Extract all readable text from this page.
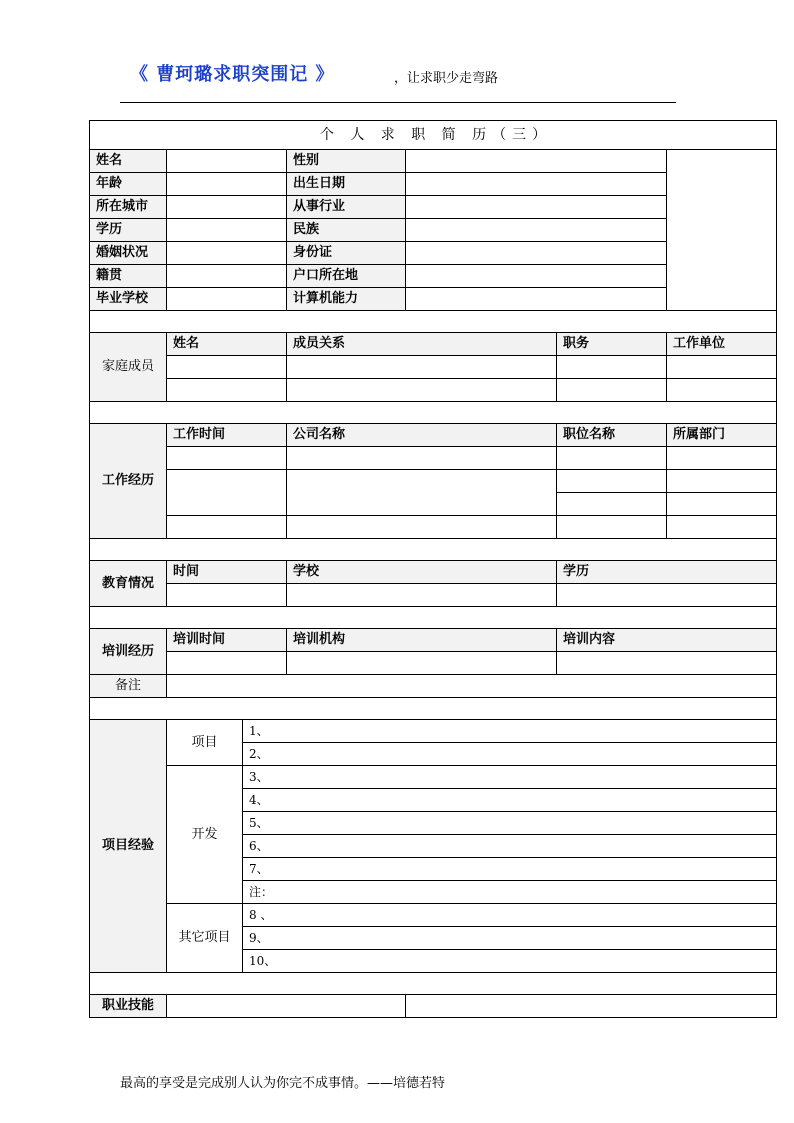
《 曹珂璐求职突围记 》	，让求职少走弯路
个 人 求 职 简 历（三）						
姓名			性别			
年龄			出生日期			
所在城市			从事行业			
学历			民族			
婚姻状况			身份证			
籍贯			户口所在地			
毕业学校			计算机能力			

家庭成员	姓名		成员关系		职务	工作单位

工作经历	工作时间		公司名称		职位名称	所属部门

教育情况	时间		学校		学历	

培训经历	培训时间		培训机构		培训内容	

备注						

项目经验	项目	1、				
		2、				
	开发	3、				
		4、				
		5、				
		6、				
		7、				
		注：				
	其它项目	8 、				
		9、				
		10、				

职业技能						
最高的享受是完成别人认为你完不成事情。——培德若特
